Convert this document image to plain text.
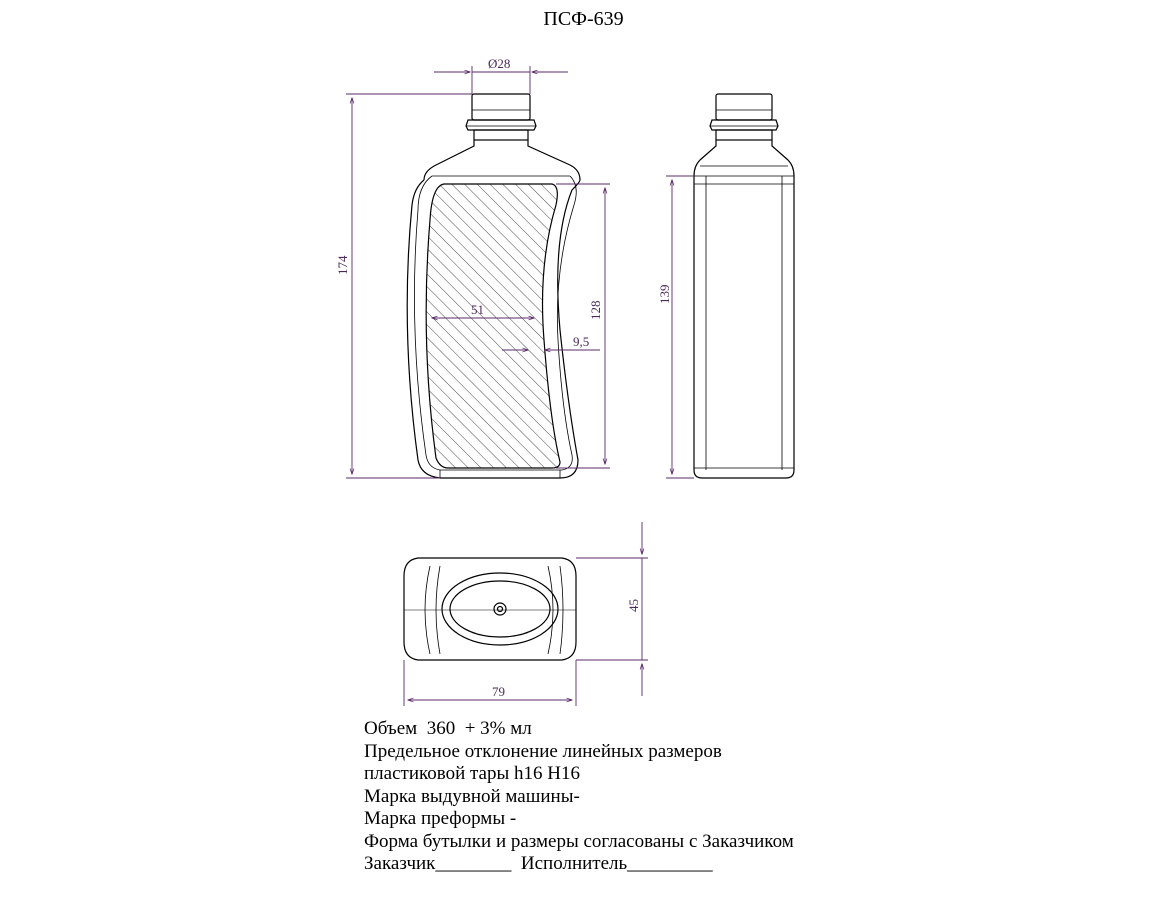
ПСФ-639
Ø28
174
128
51
9,5
139
45
79
Объем  360  + 3% мл
Предельное отклонение линейных размеров
пластиковой тары h16 H16
Марка выдувной машины-
Марка преформы -
Форма бутылки и размеры согласованы с Заказчиком
Заказчик________  Исполнитель_________
